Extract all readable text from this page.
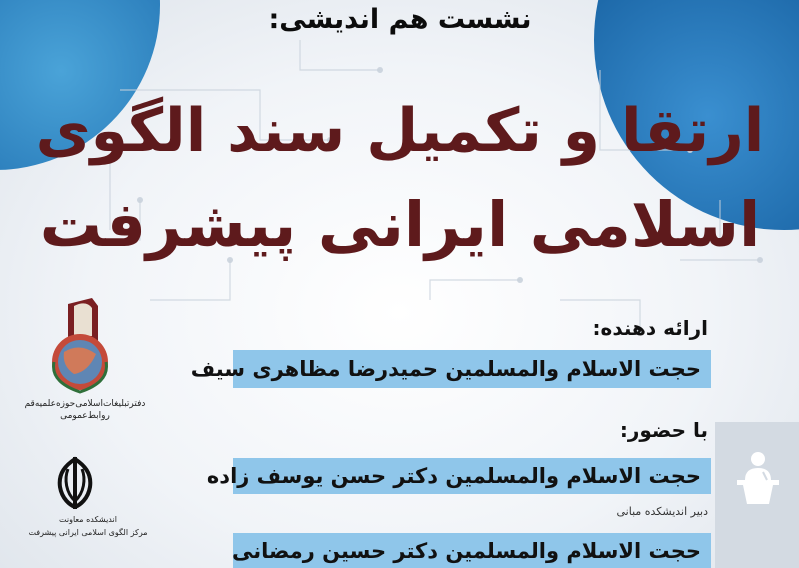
نشست هم اندیشی:
ارتقا و تکمیل سند الگوی
اسلامی ایرانی پیشرفت
دفترتبلیغات‌اسلامی‌حوزه‌علمیه‌قم
روابط‌عمومی
اندیشکده معاونت
مرکز الگوی اسلامی ایرانی پیشرفت
ارائه دهنده:
حجت الاسلام والمسلمین حمیدرضا مظاهری سیف
با حضور:
حجت الاسلام والمسلمین دکتر حسن یوسف زاده
دبیر اندیشکده مبانی
حجت الاسلام والمسلمین دکتر حسین رمضانی
